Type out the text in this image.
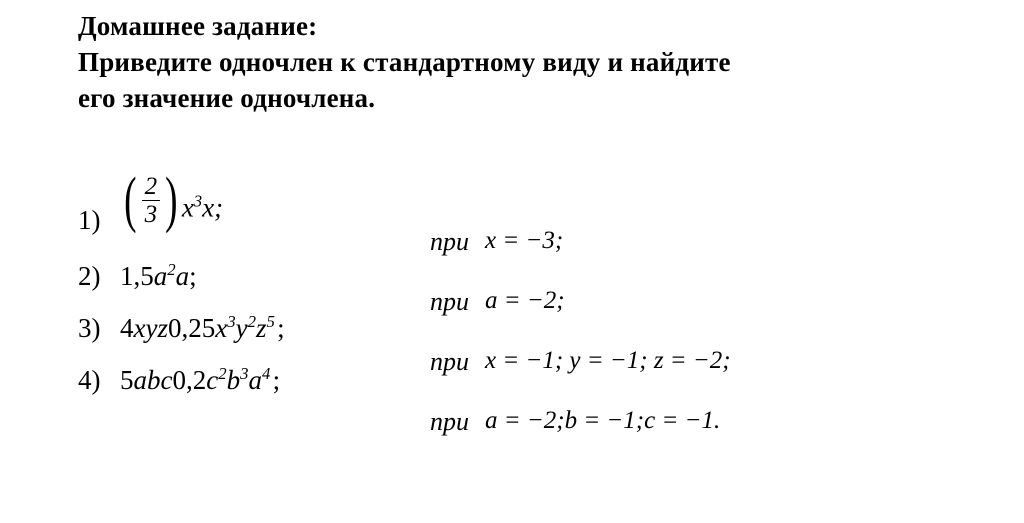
Домашнее задание:
Приведите одночлен к стандартному виду и найдите
его значение одночлена.
1) ( $\frac{2}{3}$ ) $x^3x$;
2) $1,5a^2a$;
3) $4xyz0,25x^3y^2z^5$ ;
4) $5abc0,2c^2b^3a^4$ ;
при x = −3;
при a = −2;
при x = −1; y = −1; z = −2;
при a = −2;b = −1;c = −1.
